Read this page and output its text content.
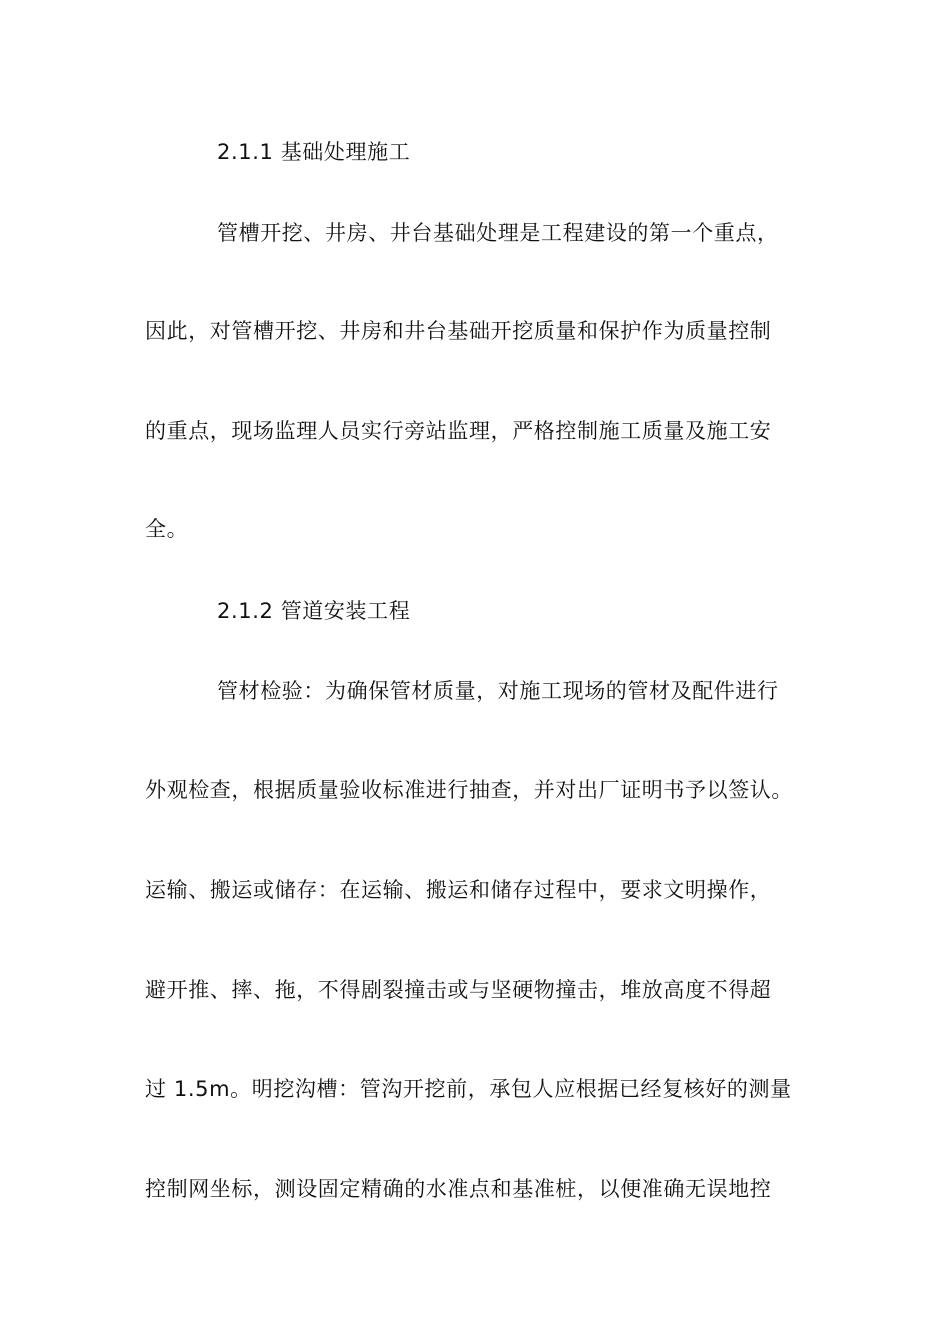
2.1.1 基础处理施工
管槽开挖、井房、井台基础处理是工程建设的第一个重点，
因此，对管槽开挖、井房和井台基础开挖质量和保护作为质量控制
的重点，现场监理人员实行旁站监理，严格控制施工质量及施工安
全。
2.1.2 管道安装工程
管材检验：为确保管材质量，对施工现场的管材及配件进行
外观检查，根据质量验收标准进行抽查，并对出厂证明书予以签认。
运输、搬运或储存：在运输、搬运和储存过程中，要求文明操作，
避开推、摔、拖，不得剧裂撞击或与坚硬物撞击，堆放高度不得超
过 1.5m。明挖沟槽：管沟开挖前，承包人应根据已经复核好的测量
控制网坐标，测设固定精确的水准点和基准桩，以便准确无误地控
